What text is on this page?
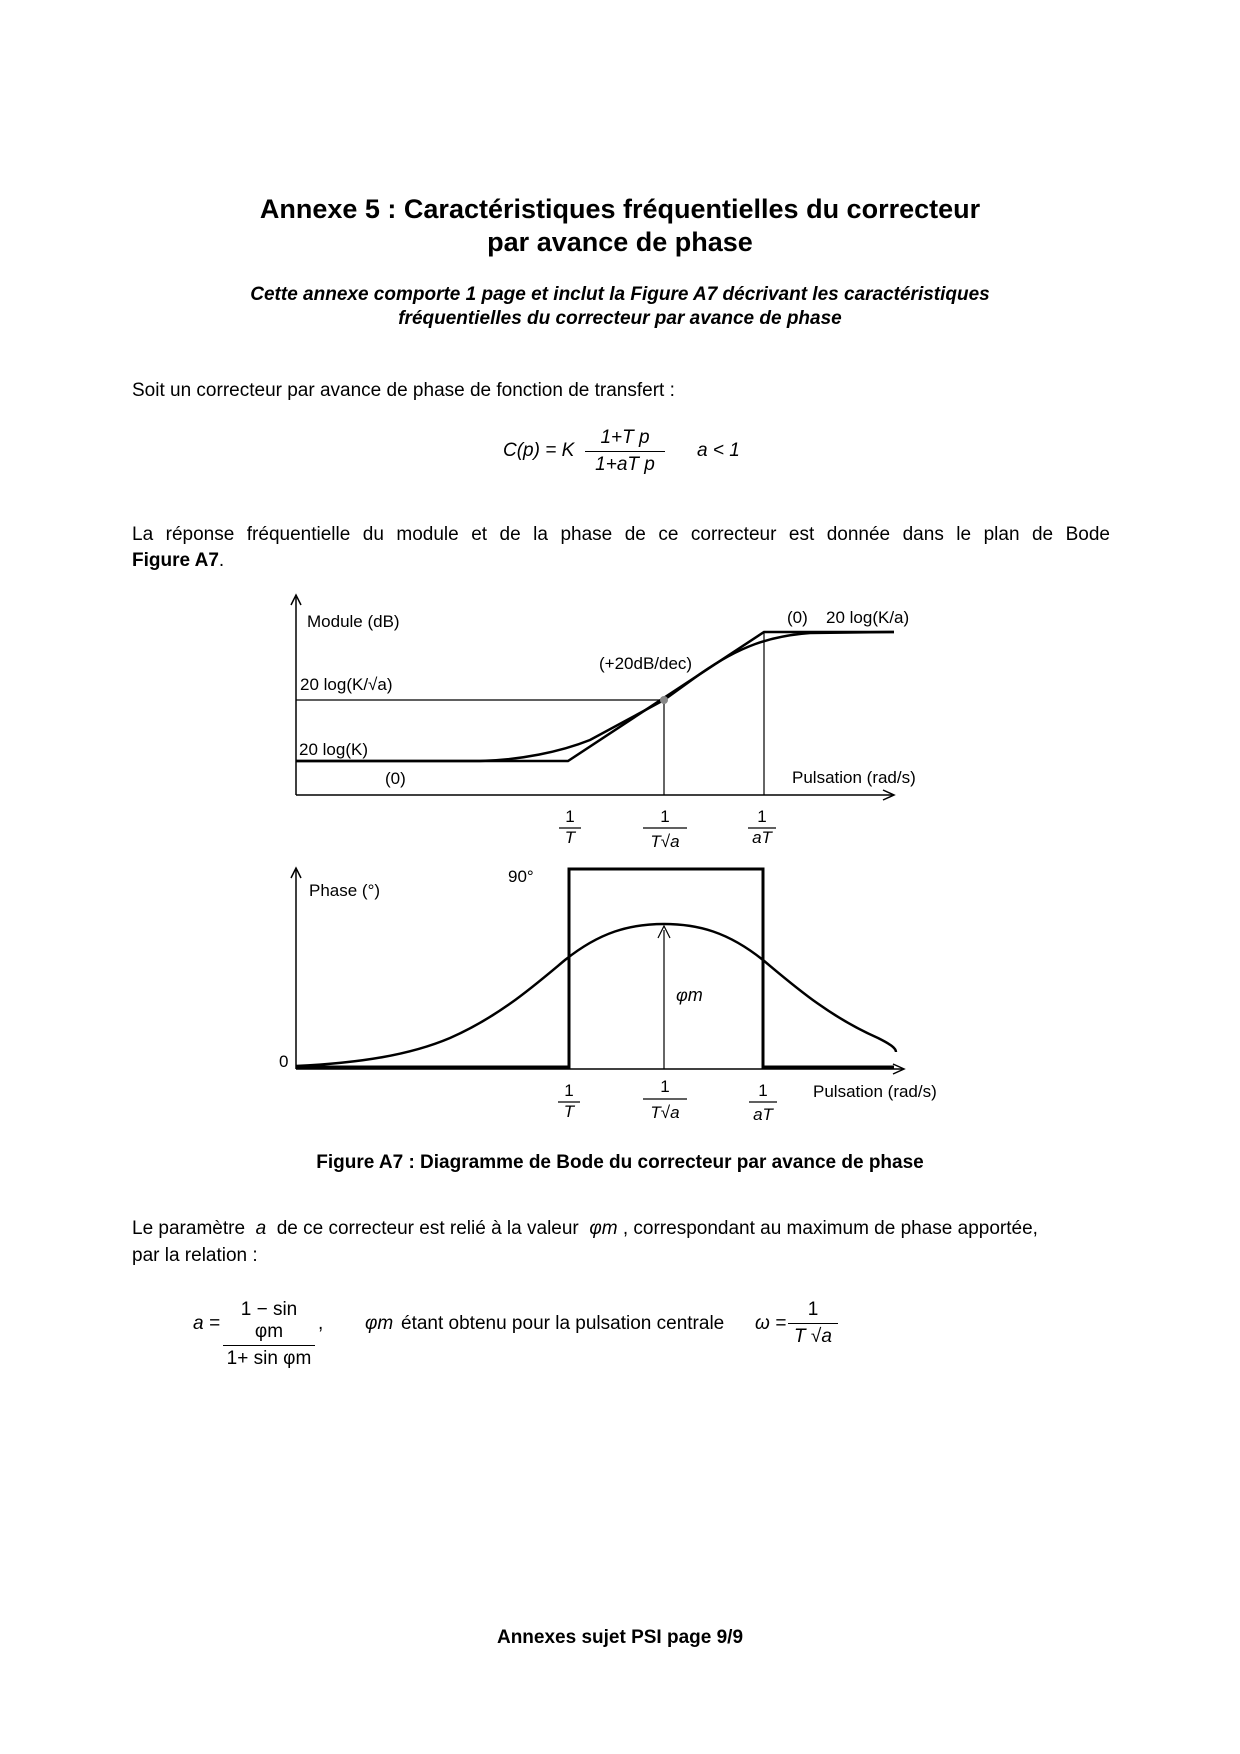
Annexe 5 : Caractéristiques fréquentielles du correcteur
par avance de phase
Cette annexe comporte 1 page et inclut la Figure A7 décrivant les caractéristiques
fréquentielles du correcteur par avance de phase
Soit un correcteur par avance de phase de fonction de transfert :
C(p) = K $\frac{\text{1+T p}}{\text{1+aT p}}$ a < 1
La réponse fréquentielle du module et de la phase de ce correcteur est donnée dans le plan de Bode
Figure A7.
Module (dB)
20 log(K/√a)
20 log(K)
20 log(K/a)
(0)
(+20dB/dec)
(0)
Pulsation (rad/s)
1
T
1
T√a
1
aT
Phase (°)
90°
0
φm
Pulsation (rad/s)
1
T
1
T√a
1
aT
Figure A7 : Diagramme de Bode du correcteur par avance de phase
Le paramètre a de ce correcteur est relié à la valeur φm , correspondant au maximum de phase apportée,
par la relation :
$a = \frac{\text{1 − sin φm}}{\text{1+ sin φm}}$ , φm étant obtenu pour la pulsation centrale $\omega = \frac{1}{T √a}$
Annexes sujet PSI page 9/9
